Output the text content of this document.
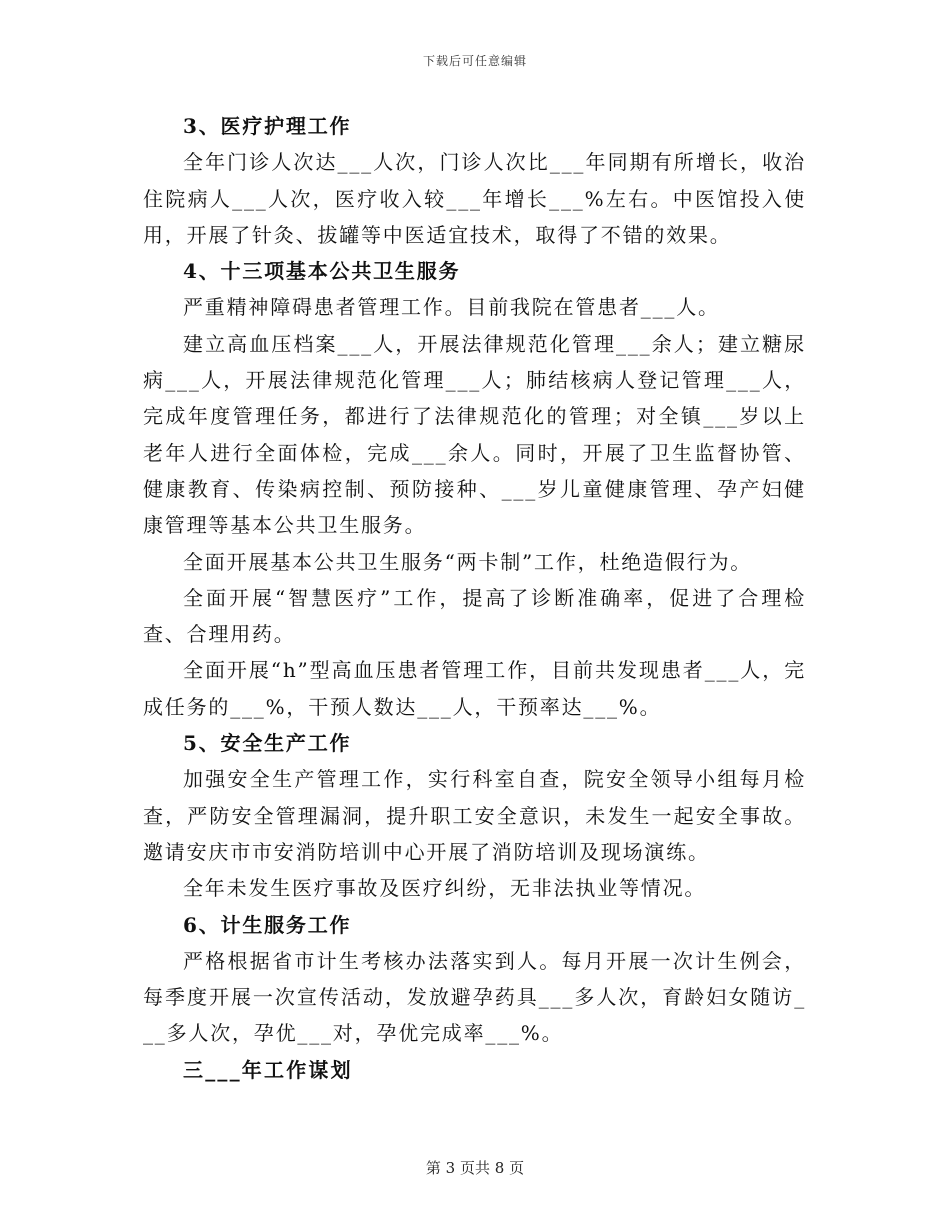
下载后可任意编辑
3、医疗护理工作

全年门诊人次达___人次，门诊人次比___年同期有所增长，收治住院病人___人次，医疗收入较___年增长___%左右。中医馆投入使用，开展了针灸、拔罐等中医适宜技术，取得了不错的效果。

4、十三项基本公共卫生服务

严重精神障碍患者管理工作。目前我院在管患者___人。

建立高血压档案___人，开展法律规范化管理___余人；建立糖尿病___人，开展法律规范化管理___人；肺结核病人登记管理___人，完成年度管理任务，都进行了法律规范化的管理；对全镇___岁以上老年人进行全面体检，完成___余人。同时，开展了卫生监督协管、健康教育、传染病控制、预防接种、___岁儿童健康管理、孕产妇健康管理等基本公共卫生服务。

全面开展基本公共卫生服务“两卡制”工作，杜绝造假行为。

全面开展“智慧医疗”工作，提高了诊断准确率，促进了合理检查、合理用药。

全面开展“h”型高血压患者管理工作，目前共发现患者___人，完成任务的___%，干预人数达___人，干预率达___%。

5、安全生产工作

加强安全生产管理工作，实行科室自查，院安全领导小组每月检查，严防安全管理漏洞，提升职工安全意识，未发生一起安全事故。邀请安庆市市安消防培训中心开展了消防培训及现场演练。

全年未发生医疗事故及医疗纠纷，无非法执业等情况。

6、计生服务工作

严格根据省市计生考核办法落实到人。每月开展一次计生例会，每季度开展一次宣传活动，发放避孕药具___多人次，育龄妇女随访___多人次，孕优___对，孕优完成率___%。

三___年工作谋划
第 3 页共 8 页
